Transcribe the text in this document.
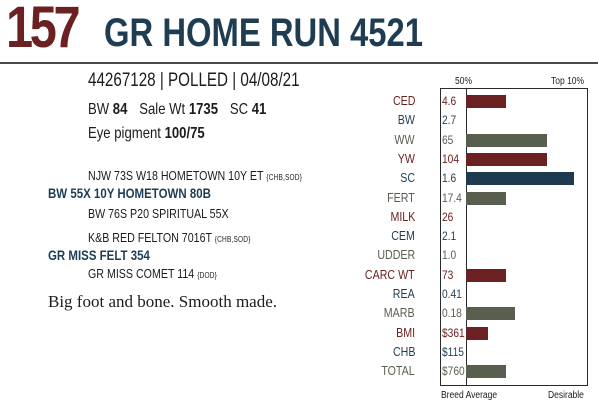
157 GR HOME RUN 4521
44267128 | POLLED | 04/08/21
BW 84 Sale Wt 1735 SC 41
Eye pigment 100/75
NJW 73S W18 HOMETOWN 10Y ET {CHB,SOD}
BW 55X 10Y HOMETOWN 80B
BW 76S P20 SPIRITUAL 55X
K&B RED FELTON 7016T {CHB,SOD}
GR MISS FELT 354
GR MISS COMET 114 {DOD}
Big foot and bone. Smooth made.
50%	Top 10%
CED 4.6
BW 2.7
WW 65
YW 104
SC 1.6
FERT 17.4
MILK 26
CEM 2.1
UDDER 1.0
CARC WT 73
REA 0.41
MARB 0.18
BMI $361
CHB $115
TOTAL $760
Breed Average	Desirable
